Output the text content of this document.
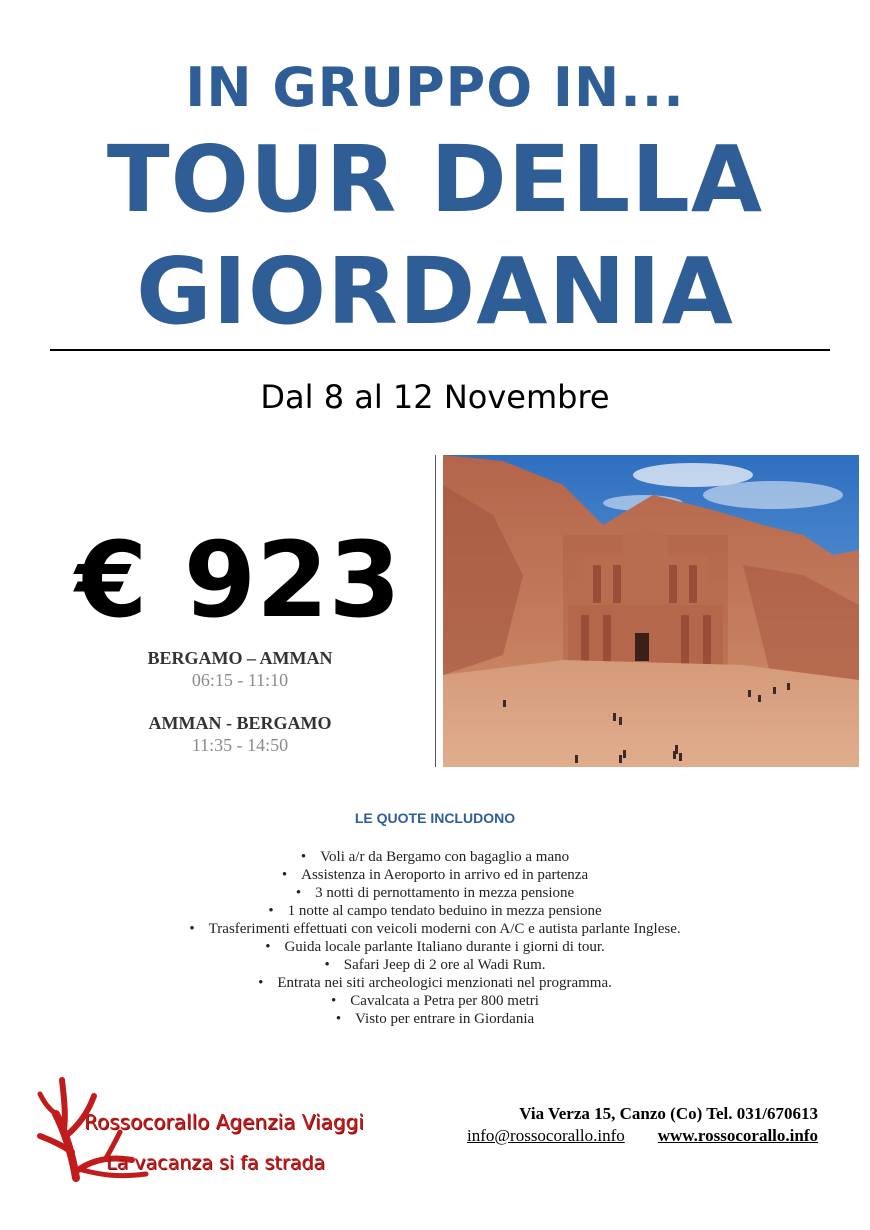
IN GRUPPO IN...
TOUR DELLA
GIORDANIA
Dal 8 al 12 Novembre
€ 923
BERGAMO – AMMAN
06:15 - 11:10
AMMAN - BERGAMO
11:35 - 14:50
LE QUOTE INCLUDONO
• Voli a/r da Bergamo con bagaglio a mano
• Assistenza in Aeroporto in arrivo ed in partenza
• 3 notti di pernottamento in mezza pensione
• 1 notte al campo tendato beduino in mezza pensione
• Trasferimenti effettuati con veicoli moderni con A/C e autista parlante Inglese.
• Guida locale parlante Italiano durante i giorni di tour.
• Safari Jeep di 2 ore al Wadi Rum.
• Entrata nei siti archeologici menzionati nel programma.
• Cavalcata a Petra per 800 metri
• Visto per entrare in Giordania
Rossocorallo Agenzia Viaggi
La vacanza si fa strada
Via Verza 15, Canzo (Co) Tel. 031/670613
info@rossocorallo.info www.rossocorallo.info
